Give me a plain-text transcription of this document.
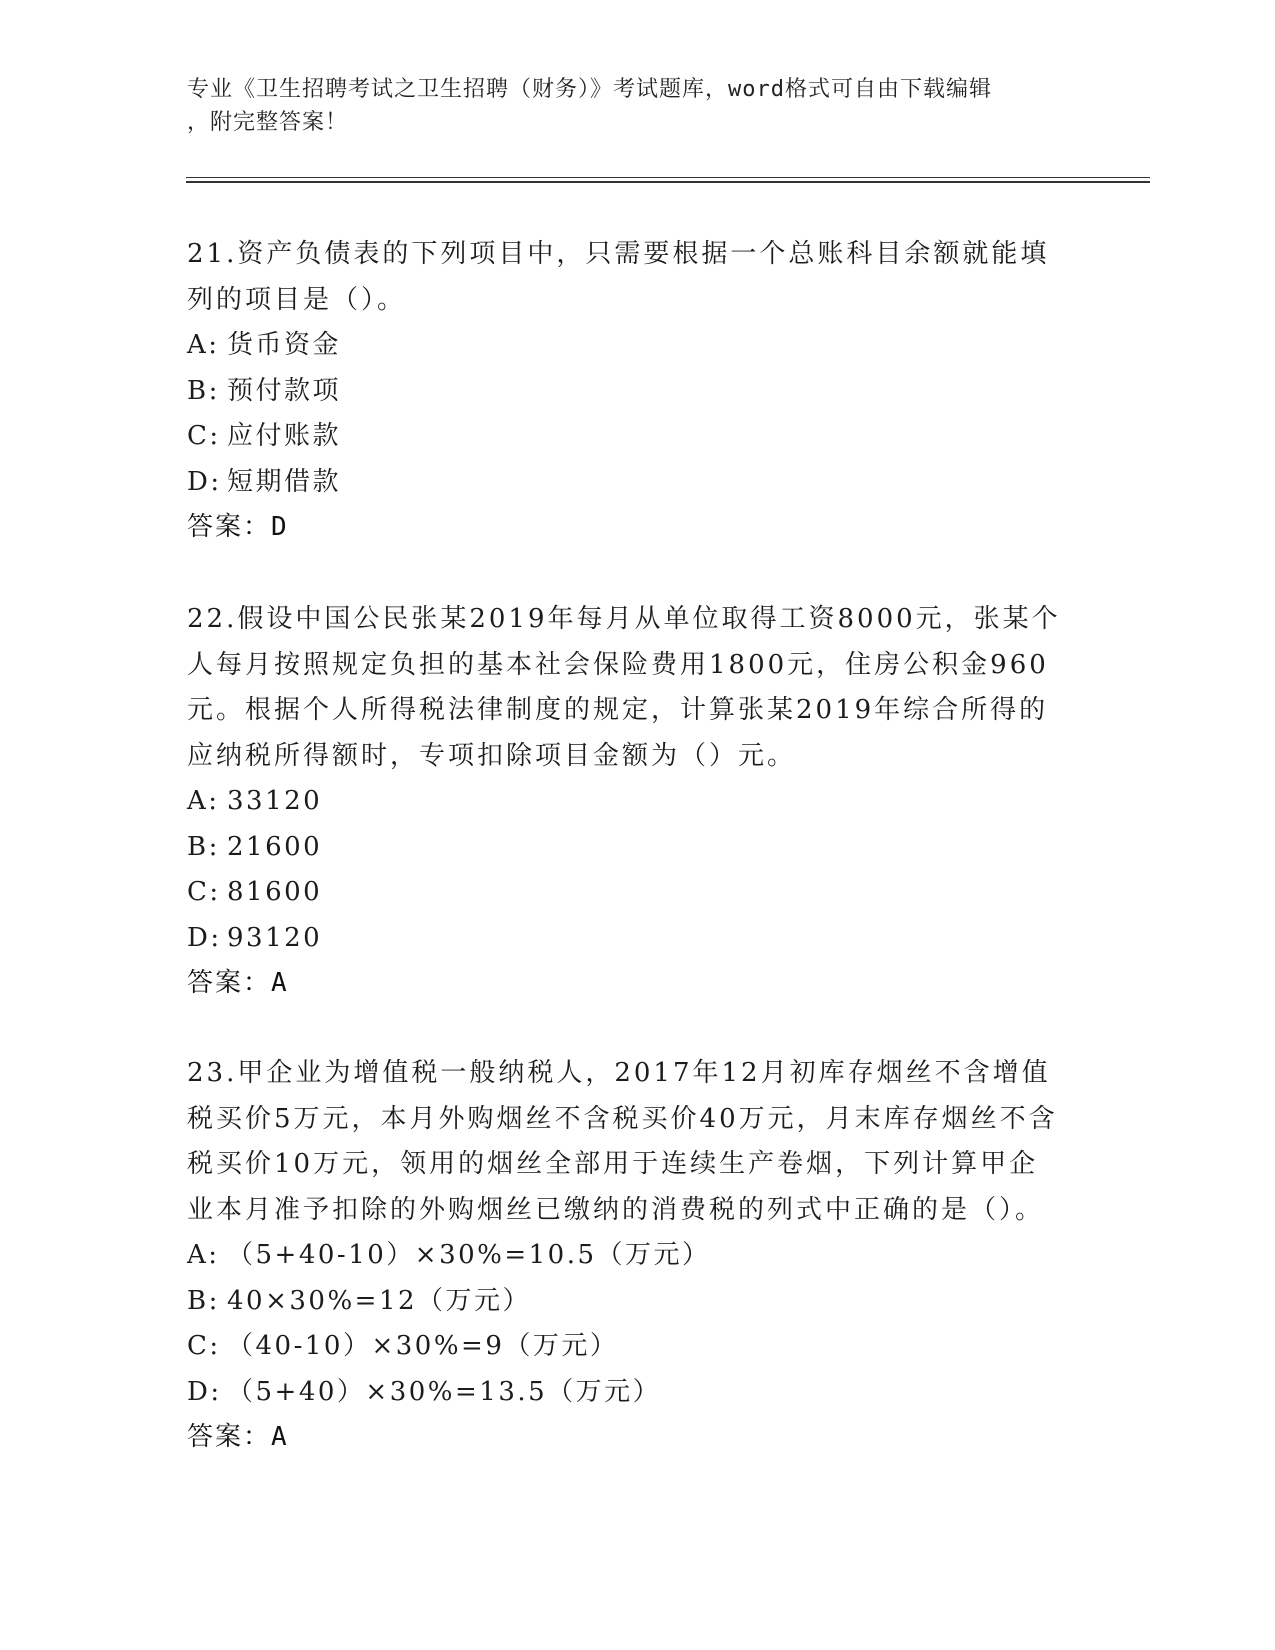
专业《卫生招聘考试之卫生招聘（财务）》考试题库，word格式可自由下载编辑
，附完整答案！

21.资产负债表的下列项目中，只需要根据一个总账科目余额就能填列的项目是（）。

A: 货币资金
B: 预付款项
C: 应付账款
D: 短期借款
答案：D

22.假设中国公民张某2019年每月从单位取得工资8000元，张某个人每月按照规定负担的基本社会保险费用1800元，住房公积金960元。根据个人所得税法律制度的规定，计算张某2019年综合所得的应纳税所得额时，专项扣除项目金额为（）元。

A: 33120
B: 21600
C: 81600
D: 93120
答案：A

23.甲企业为增值税一般纳税人，2017年12月初库存烟丝不含增值税买价5万元，本月外购烟丝不含税买价40万元，月末库存烟丝不含税买价10万元，领用的烟丝全部用于连续生产卷烟，下列计算甲企业本月准予扣除的外购烟丝已缴纳的消费税的列式中正确的是（）。

A: （5+40-10）×30%=10.5（万元）
B: 40×30%=12（万元）
C: （40-10）×30%=9（万元）
D: （5+40）×30%=13.5（万元）
答案：A
